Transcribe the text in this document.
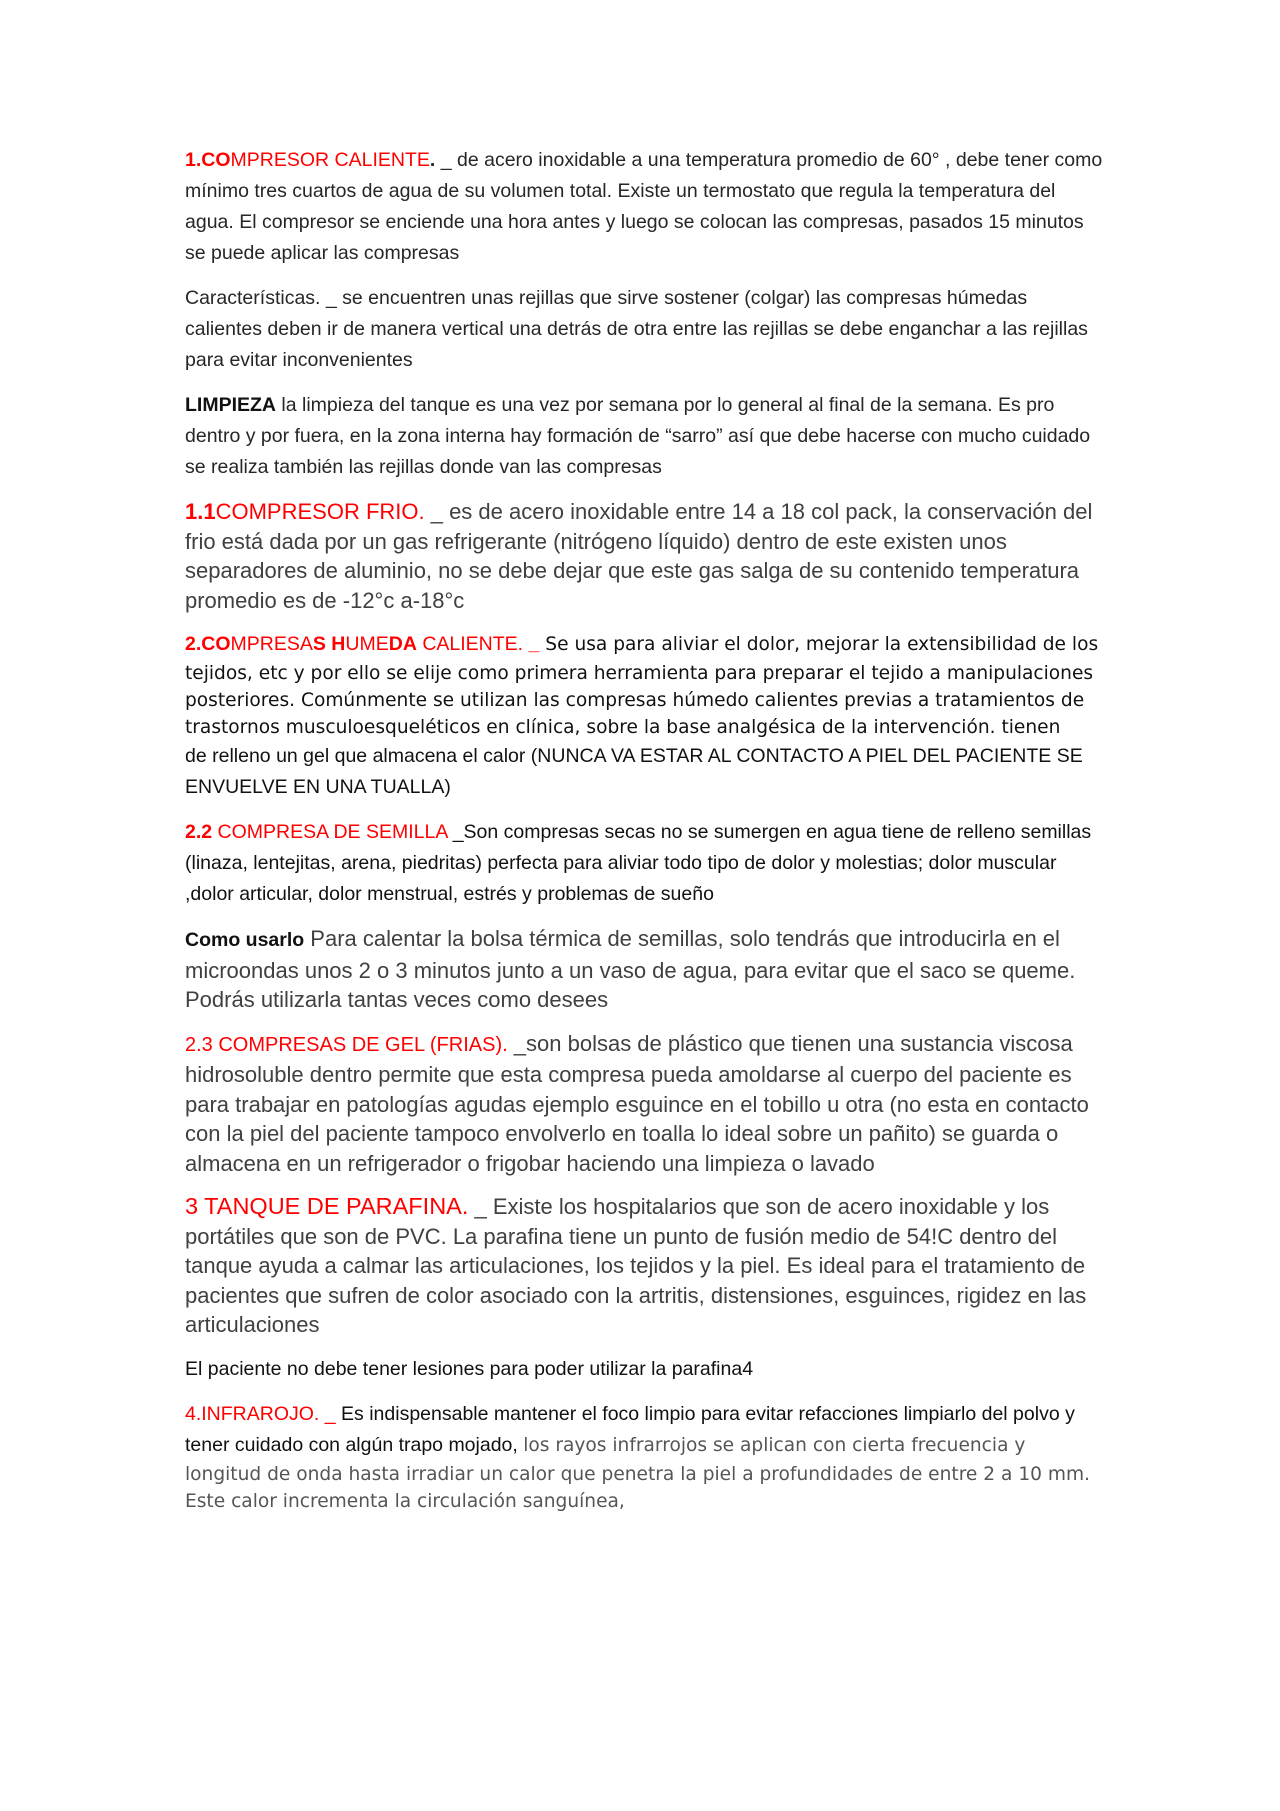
1.COMPRESOR CALIENTE. _ de acero inoxidable a una temperatura promedio de 60° , debe tener como mínimo tres cuartos de agua de su volumen total. Existe un termostato que regula la temperatura del agua. El compresor se enciende una hora antes y luego se colocan las compresas, pasados 15 minutos se puede aplicar las compresas

Características. _ se encuentren unas rejillas que sirve sostener (colgar) las compresas húmedas calientes deben ir de manera vertical una detrás de otra entre las rejillas se debe enganchar a las rejillas para evitar inconvenientes

LIMPIEZA la limpieza del tanque es una vez por semana por lo general al final de la semana. Es pro dentro y por fuera, en la zona interna hay formación de “sarro” así que debe hacerse con mucho cuidado se realiza también las rejillas donde van las compresas

1.1COMPRESOR FRIO. _ es de acero inoxidable entre 14 a 18 col pack, la conservación del frio está dada por un gas refrigerante (nitrógeno líquido) dentro de este existen unos separadores de aluminio, no se debe dejar que este gas salga de su contenido temperatura promedio es de -12°c a-18°c

2.COMPRESAS HUMEDA CALIENTE. _ Se usa para aliviar el dolor, mejorar la extensibilidad de los tejidos, etc y por ello se elije como primera herramienta para preparar el tejido a manipulaciones posteriores. Comúnmente se utilizan las compresas húmedo calientes previas a tratamientos de trastornos musculoesqueléticos en clínica, sobre la base analgésica de la intervención. tienen
de relleno un gel que almacena el calor (NUNCA VA ESTAR AL CONTACTO A PIEL DEL PACIENTE SE ENVUELVE EN UNA TUALLA)

2.2 COMPRESA DE SEMILLA _Son compresas secas no se sumergen en agua tiene de relleno semillas (linaza, lentejitas, arena, piedritas) perfecta para aliviar todo tipo de dolor y molestias; dolor muscular ,dolor articular, dolor menstrual, estrés y problemas de sueño

Como usarlo Para calentar la bolsa térmica de semillas, solo tendrás que introducirla en el microondas unos 2 o 3 minutos junto a un vaso de agua, para evitar que el saco se queme. Podrás utilizarla tantas veces como desees

2.3 COMPRESAS DE GEL (FRIAS). _son bolsas de plástico que tienen una sustancia viscosa hidrosoluble dentro permite que esta compresa pueda amoldarse al cuerpo del paciente es para trabajar en patologías agudas ejemplo esguince en el tobillo u otra (no esta en contacto con la piel del paciente tampoco envolverlo en toalla lo ideal sobre un pañito) se guarda o almacena en un refrigerador o frigobar haciendo una limpieza o lavado

3 TANQUE DE PARAFINA. _ Existe los hospitalarios que son de acero inoxidable y los portátiles que son de PVC. La parafina tiene un punto de fusión medio de 54!C dentro del tanque ayuda a calmar las articulaciones, los tejidos y la piel. Es ideal para el tratamiento de pacientes que sufren de color asociado con la artritis, distensiones, esguinces, rigidez en las articulaciones

El paciente no debe tener lesiones para poder utilizar la parafina4

4.INFRAROJO. _ Es indispensable mantener el foco limpio para evitar refacciones limpiarlo del polvo y tener cuidado con algún trapo mojado, los rayos infrarrojos se aplican con cierta frecuencia y longitud de onda hasta irradiar un calor que penetra la piel a profundidades de entre 2 a 10 mm. Este calor incrementa la circulación sanguínea,
